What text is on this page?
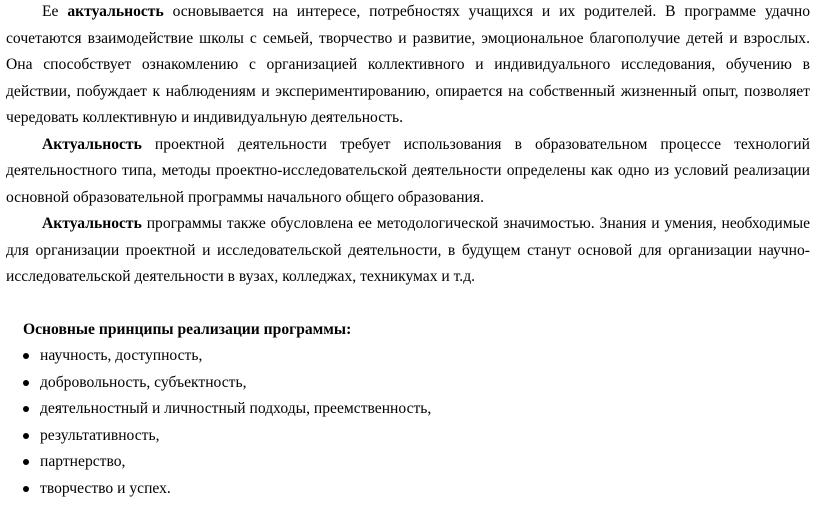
Ее актуальность основывается на интересе, потребностях учащихся и их родителей. В программе удачно сочетаются взаимодействие школы с семьей, творчество и развитие, эмоциональное благополучие детей и взрослых. Она способствует ознакомлению с организацией коллективного и индивидуального исследования, обучению в действии, побуждает к наблюдениям и экспериментированию, опирается на собственный жизненный опыт, позволяет чередовать коллективную и индивидуальную деятельность.

Актуальность проектной деятельности требует использования в образовательном процессе технологий деятельностного типа, методы проектно-исследовательской деятельности определены как одно из условий реализации основной образовательной программы начального общего образования.

Актуальность программы также обусловлена ее методологической значимостью. Знания и умения, необходимые для организации проектной и исследовательской деятельности, в будущем станут основой для организации научно-исследовательской деятельности в вузах, колледжах, техникумах и т.д.

Основные принципы реализации программы:

научность, доступность,
добровольность, субъектность,
деятельностный и личностный подходы, преемственность,
результативность,
партнерство,
творчество и успех.
